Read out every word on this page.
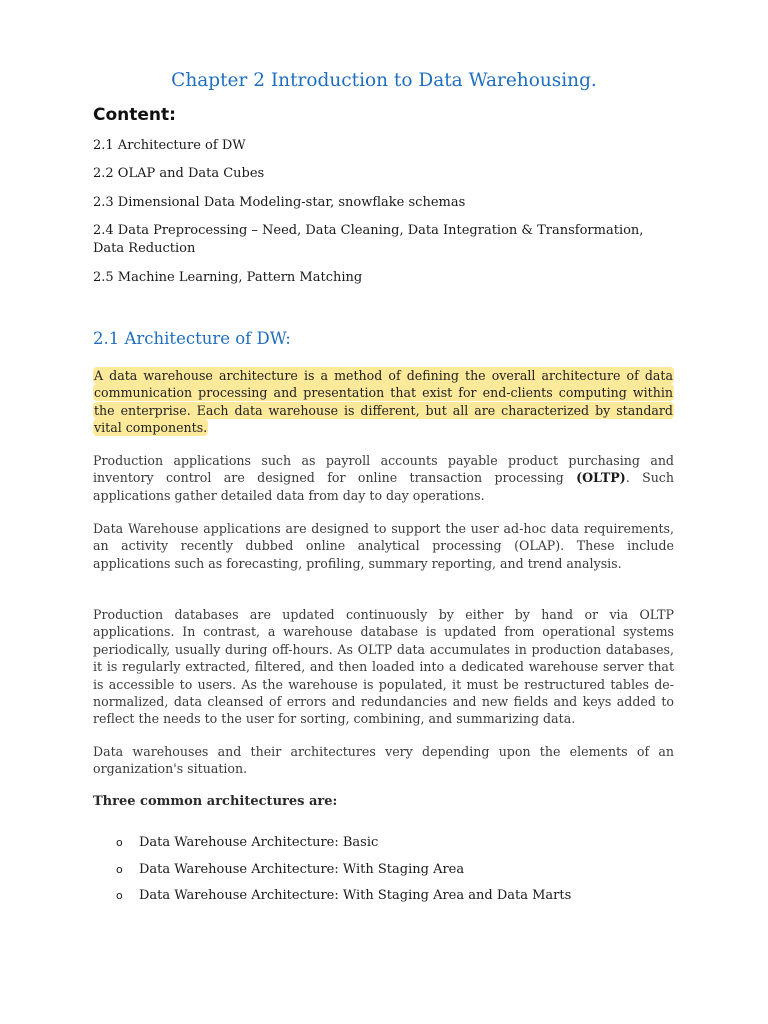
Chapter 2 Introduction to Data Warehousing.
Content:

2.1 Architecture of DW

2.2 OLAP and Data Cubes

2.3 Dimensional Data Modeling-star, snowflake schemas

2.4 Data Preprocessing – Need, Data Cleaning, Data Integration & Transformation, Data Reduction

2.5 Machine Learning, Pattern Matching

2.1 Architecture of DW:

A data warehouse architecture is a method of defining the overall architecture of data communication processing and presentation that exist for end-clients computing within the enterprise. Each data warehouse is different, but all are characterized by standard vital components.

Production applications such as payroll accounts payable product purchasing and inventory control are designed for online transaction processing (OLTP). Such applications gather detailed data from day to day operations.

Data Warehouse applications are designed to support the user ad-hoc data requirements, an activity recently dubbed online analytical processing (OLAP). These include applications such as forecasting, profiling, summary reporting, and trend analysis.

Production databases are updated continuously by either by hand or via OLTP applications. In contrast, a warehouse database is updated from operational systems periodically, usually during off-hours. As OLTP data accumulates in production databases, it is regularly extracted, filtered, and then loaded into a dedicated warehouse server that is accessible to users. As the warehouse is populated, it must be restructured tables de-normalized, data cleansed of errors and redundancies and new fields and keys added to reflect the needs to the user for sorting, combining, and summarizing data.

Data warehouses and their architectures very depending upon the elements of an organization's situation.

Three common architectures are:

o Data Warehouse Architecture: Basic
o Data Warehouse Architecture: With Staging Area
o Data Warehouse Architecture: With Staging Area and Data Marts
